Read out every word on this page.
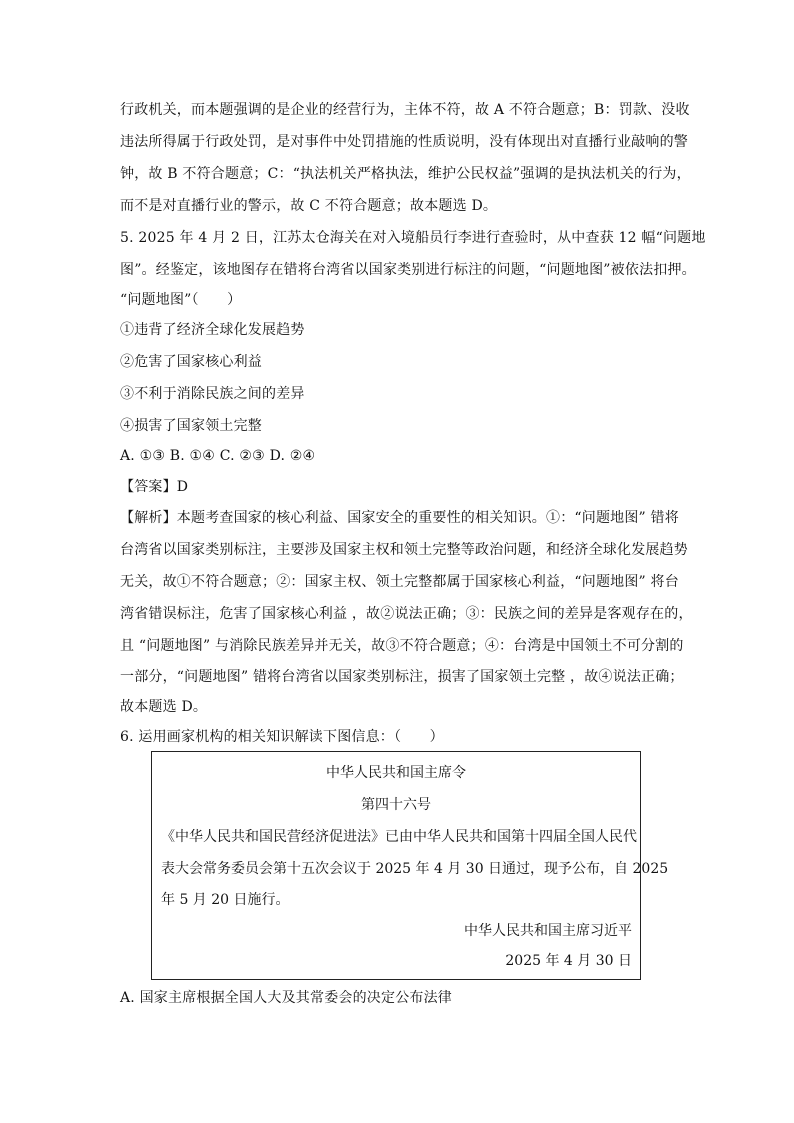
行政机关，而本题强调的是企业的经营行为，主体不符，故 A 不符合题意；B：罚款、没收
违法所得属于行政处罚，是对事件中处罚措施的性质说明，没有体现出对直播行业敲响的警
钟，故 B 不符合题意；C：“执法机关严格执法，维护公民权益”强调的是执法机关的行为，
而不是对直播行业的警示，故 C 不符合题意；故本题选 D。
5. 2025 年 4 月 2 日，江苏太仓海关在对入境船员行李进行查验时，从中查获 12 幅“问题地
图”。经鉴定，该地图存在错将台湾省以国家类别进行标注的问题，“问题地图”被依法扣押。
“问题地图”（　　）
①违背了经济全球化发展趋势
②危害了国家核心利益
③不利于消除民族之间的差异
④损害了国家领土完整
A. ①③ B. ①④ C. ②③ D. ②④
【答案】D
【解析】本题考查国家的核心利益、国家安全的重要性的相关知识。①：“问题地图” 错将
台湾省以国家类别标注，主要涉及国家主权和领土完整等政治问题，和经济全球化发展趋势
无关，故①不符合题意；②：国家主权、领土完整都属于国家核心利益，“问题地图” 将台
湾省错误标注，危害了国家核心利益 ，故②说法正确；③：民族之间的差异是客观存在的，
且 “问题地图” 与消除民族差异并无关，故③不符合题意；④：台湾是中国领土不可分割的
一部分，“问题地图” 错将台湾省以国家类别标注，损害了国家领土完整 ，故④说法正确；
故本题选 D。
6. 运用画家机构的相关知识解读下图信息：（　　）
中华人民共和国主席令
第四十六号
《中华人民共和国民营经济促进法》已由中华人民共和国第十四届全国人民代
表大会常务委员会第十五次会议于 2025 年 4 月 30 日通过，现予公布，自 2025
年 5 月 20 日施行。
中华人民共和国主席习近平
2025 年 4 月 30 日
A. 国家主席根据全国人大及其常委会的决定公布法律
